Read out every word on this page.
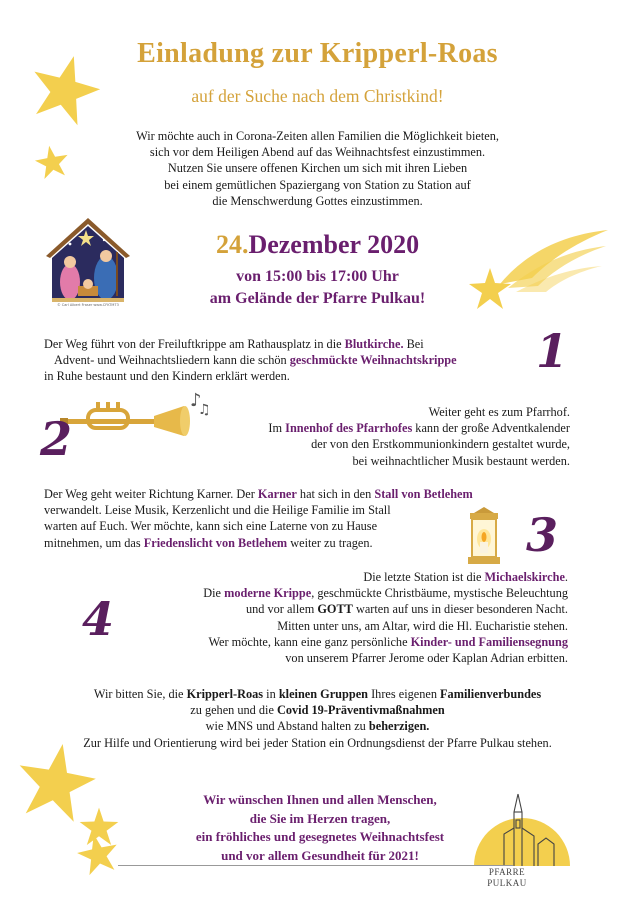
© Carl Albert Fraser www.CFKTMT3
♪
♫
Einladung zur Kripperl-Roas
auf der Suche nach dem Christkind!
Wir möchte auch in Corona-Zeiten allen Familien die Möglichkeit bieten,
sich vor dem Heiligen Abend auf das Weihnachtsfest einzustimmen.
Nutzen Sie unsere offenen Kirchen um sich mit ihren Lieben
bei einem gemütlichen Spaziergang von Station zu Station auf
die Menschwerdung Gottes einzustimmen.
24.Dezember 2020
von 15:00 bis 17:00 Uhr
am Gelände der Pfarre Pulkau!
Der Weg führt von der Freiluftkrippe am Rathausplatz in die Blutkirche. Bei
Advent- und Weihnachtsliedern kann die schön geschmückte Weihnachtskrippe
in Ruhe bestaunt und den Kindern erklärt werden.	1
Weiter geht es zum Pfarrhof.
Im Innenhof des Pfarrhofes kann der große Adventkalender
der von den Erstkommunionkindern gestaltet wurde,
bei weihnachtlicher Musik bestaunt werden.
2
Der Weg geht weiter Richtung Karner. Der Karner hat sich in den Stall von Betlehem
verwandelt. Leise Musik, Kerzenlicht und die Heilige Familie im Stall
warten auf Euch. Wer möchte, kann sich eine Laterne von zu Hause
mitnehmen, um das Friedenslicht von Betlehem weiter zu tragen.	3
Die letzte Station ist die Michaelskirche.
Die moderne Krippe, geschmückte Christbäume, mystische Beleuchtung
und vor allem GOTT warten auf uns in dieser besonderen Nacht.
Mitten unter uns, am Altar, wird die Hl. Eucharistie stehen.
Wer möchte, kann eine ganz persönliche Kinder- und Familiensegnung
von unserem Pfarrer Jerome oder Kaplan Adrian erbitten.
4
Wir bitten Sie, die Kripperl-Roas in kleinen Gruppen Ihres eigenen Familienverbundes
zu gehen und die Covid 19-Präventivmaßnahmen
wie MNS und Abstand halten zu beherzigen.
Zur Hilfe und Orientierung wird bei jeder Station ein Ordnungsdienst der Pfarre Pulkau stehen.
Wir wünschen Ihnen und allen Menschen,
die Sie im Herzen tragen,
ein fröhliches und gesegnetes Weihnachtsfest
und vor allem Gesundheit für 2021!
PFARRE
PULKAU
